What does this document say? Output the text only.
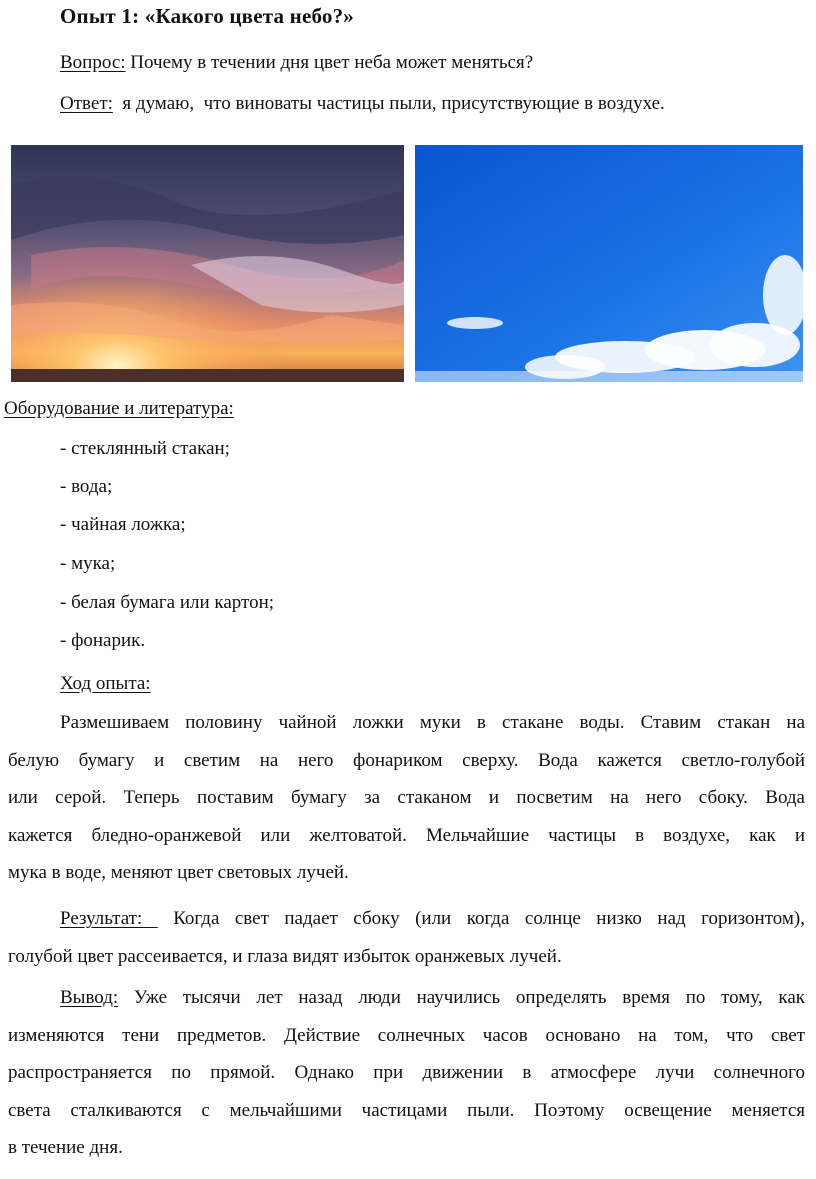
Опыт 1: «Какого цвета небо?»
Вопрос: Почему в течении дня цвет неба может меняться?
Ответ:  я думаю,  что виноваты частицы пыли, присутствующие в воздухе.
Оборудование и литература:
- стеклянный стакан;
- вода;
- чайная ложка;
- мука;
- белая бумага или картон;
- фонарик.
Ход опыта:
Размешиваем половину чайной ложки муки в стакане воды. Ставим стакан на
белую бумагу и светим на него фонариком сверху. Вода кажется светло-голубой
или серой. Теперь поставим бумагу за стаканом и посветим на него сбоку. Вода
кажется бледно-оранжевой или желтоватой. Мельчайшие частицы в воздухе, как и
мука в воде, меняют цвет световых лучей.
Результат:  Когда свет падает сбоку (или когда солнце низко над горизонтом),
голубой цвет рассеивается, и глаза видят избыток оранжевых лучей.
Вывод: Уже тысячи лет назад люди научились определять время по тому, как
изменяются тени предметов. Действие солнечных часов основано на том, что свет
распространяется по прямой. Однако при движении в атмосфере лучи солнечного
света сталкиваются с мельчайшими частицами пыли. Поэтому освещение меняется
в течение дня.
